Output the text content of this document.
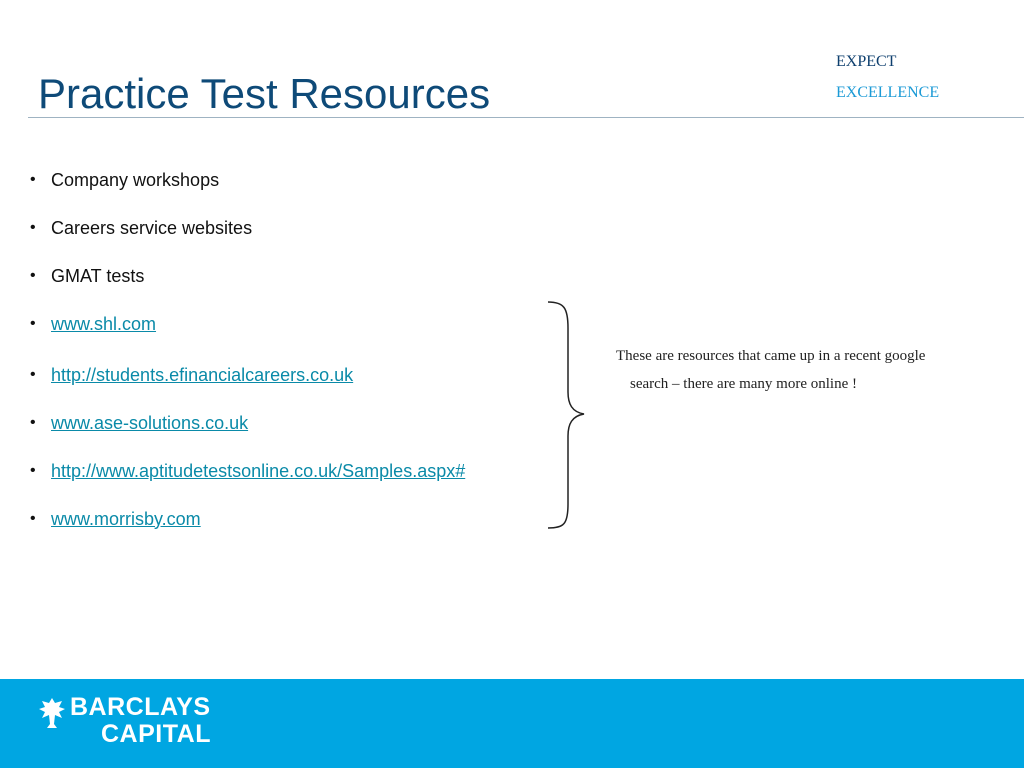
Practice Test Resources
EXPECT
EXCELLENCE
• Company workshops
• Careers service websites
• GMAT tests
• www.shl.com
• http://students.efinancialcareers.co.uk
• www.ase-solutions.co.uk
• http://www.aptitudetestsonline.co.uk/Samples.aspx#
• www.morrisby.com
These are resources that came up in a recent google search – there are many more online !
BARCLAYS
CAPITAL
